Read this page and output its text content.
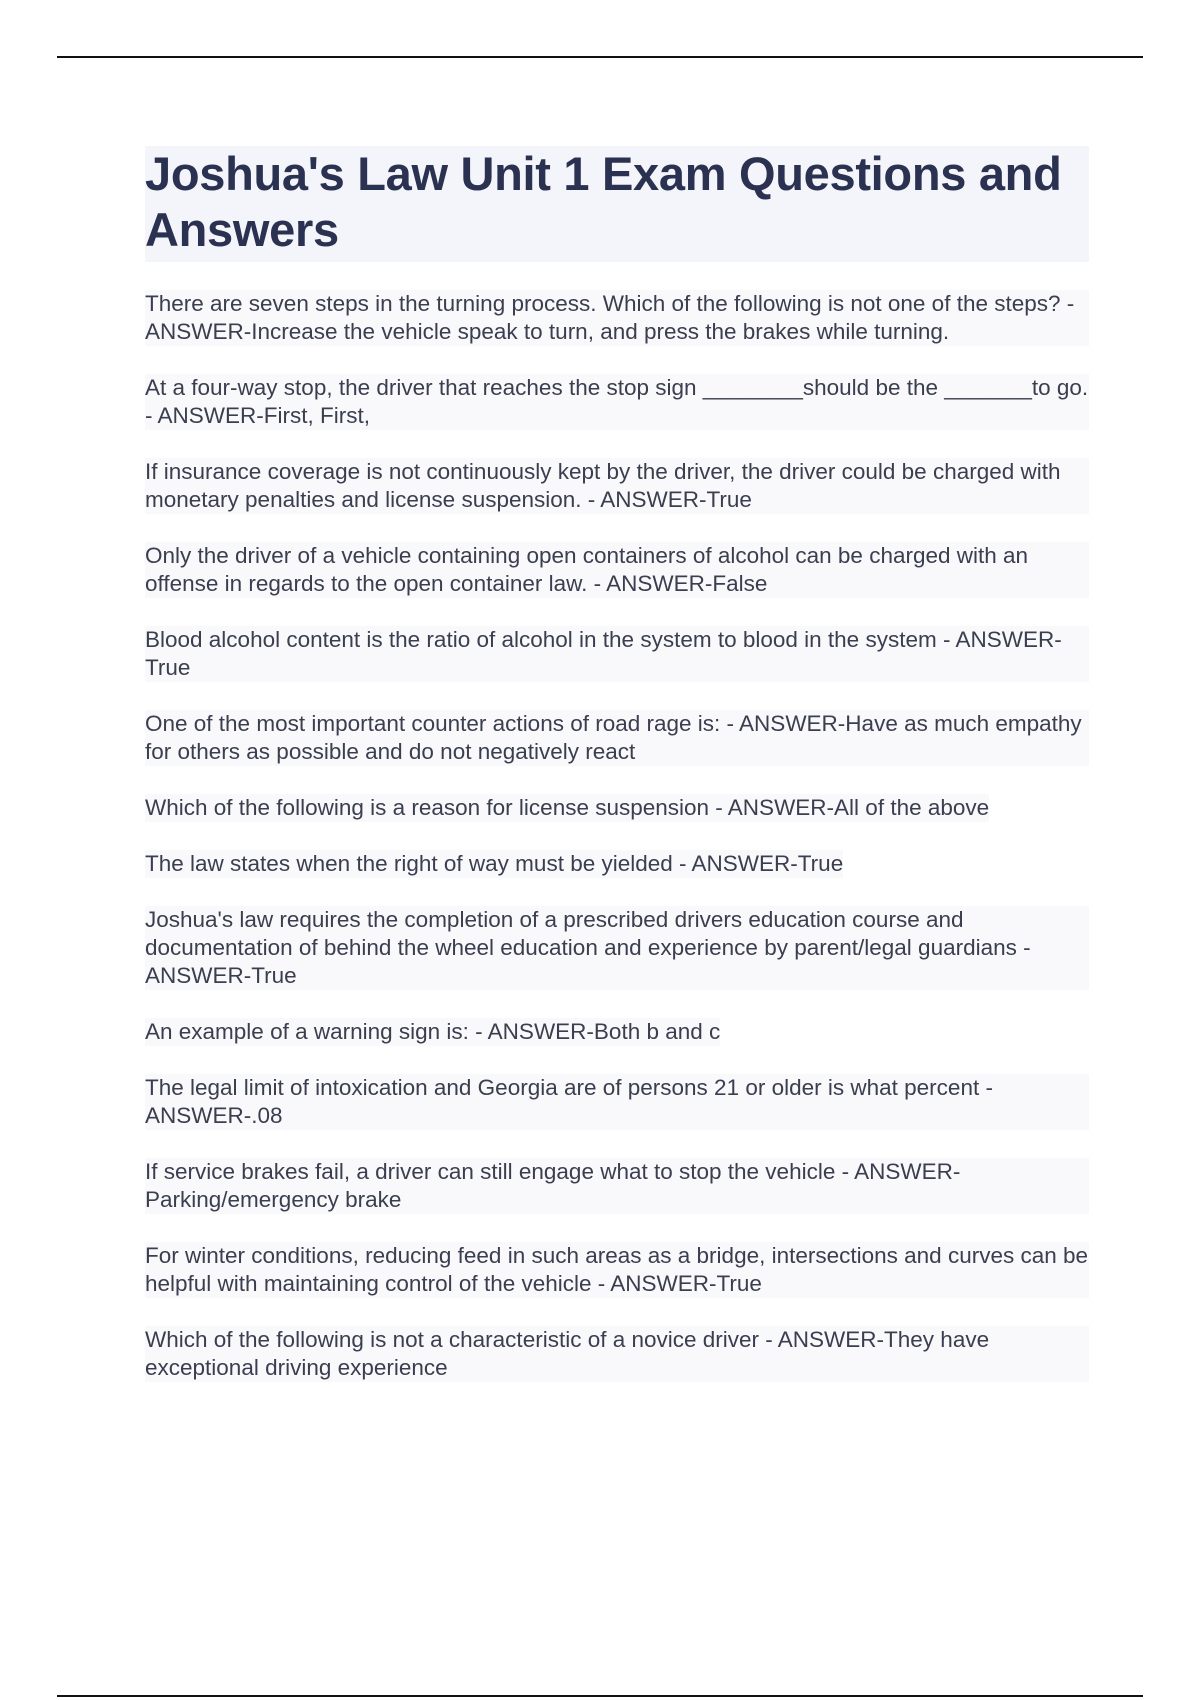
Joshua's Law Unit 1 Exam Questions and Answers

There are seven steps in the turning process. Which of the following is not one of the steps? - ANSWER-Increase the vehicle speak to turn, and press the brakes while turning.

At a four-way stop, the driver that reaches the stop sign ________should be the _______to go. - ANSWER-First, First,

If insurance coverage is not continuously kept by the driver, the driver could be charged with monetary penalties and license suspension. - ANSWER-True

Only the driver of a vehicle containing open containers of alcohol can be charged with an offense in regards to the open container law. - ANSWER-False

Blood alcohol content is the ratio of alcohol in the system to blood in the system - ANSWER-True

One of the most important counter actions of road rage is: - ANSWER-Have as much empathy for others as possible and do not negatively react

Which of the following is a reason for license suspension - ANSWER-All of the above

The law states when the right of way must be yielded - ANSWER-True

Joshua's law requires the completion of a prescribed drivers education course and documentation of behind the wheel education and experience by parent/legal guardians - ANSWER-True

An example of a warning sign is: - ANSWER-Both b and c

The legal limit of intoxication and Georgia are of persons 21 or older is what percent - ANSWER-.08

If service brakes fail, a driver can still engage what to stop the vehicle - ANSWER-Parking/emergency brake

For winter conditions, reducing feed in such areas as a bridge, intersections and curves can be helpful with maintaining control of the vehicle - ANSWER-True

Which of the following is not a characteristic of a novice driver - ANSWER-They have exceptional driving experience
